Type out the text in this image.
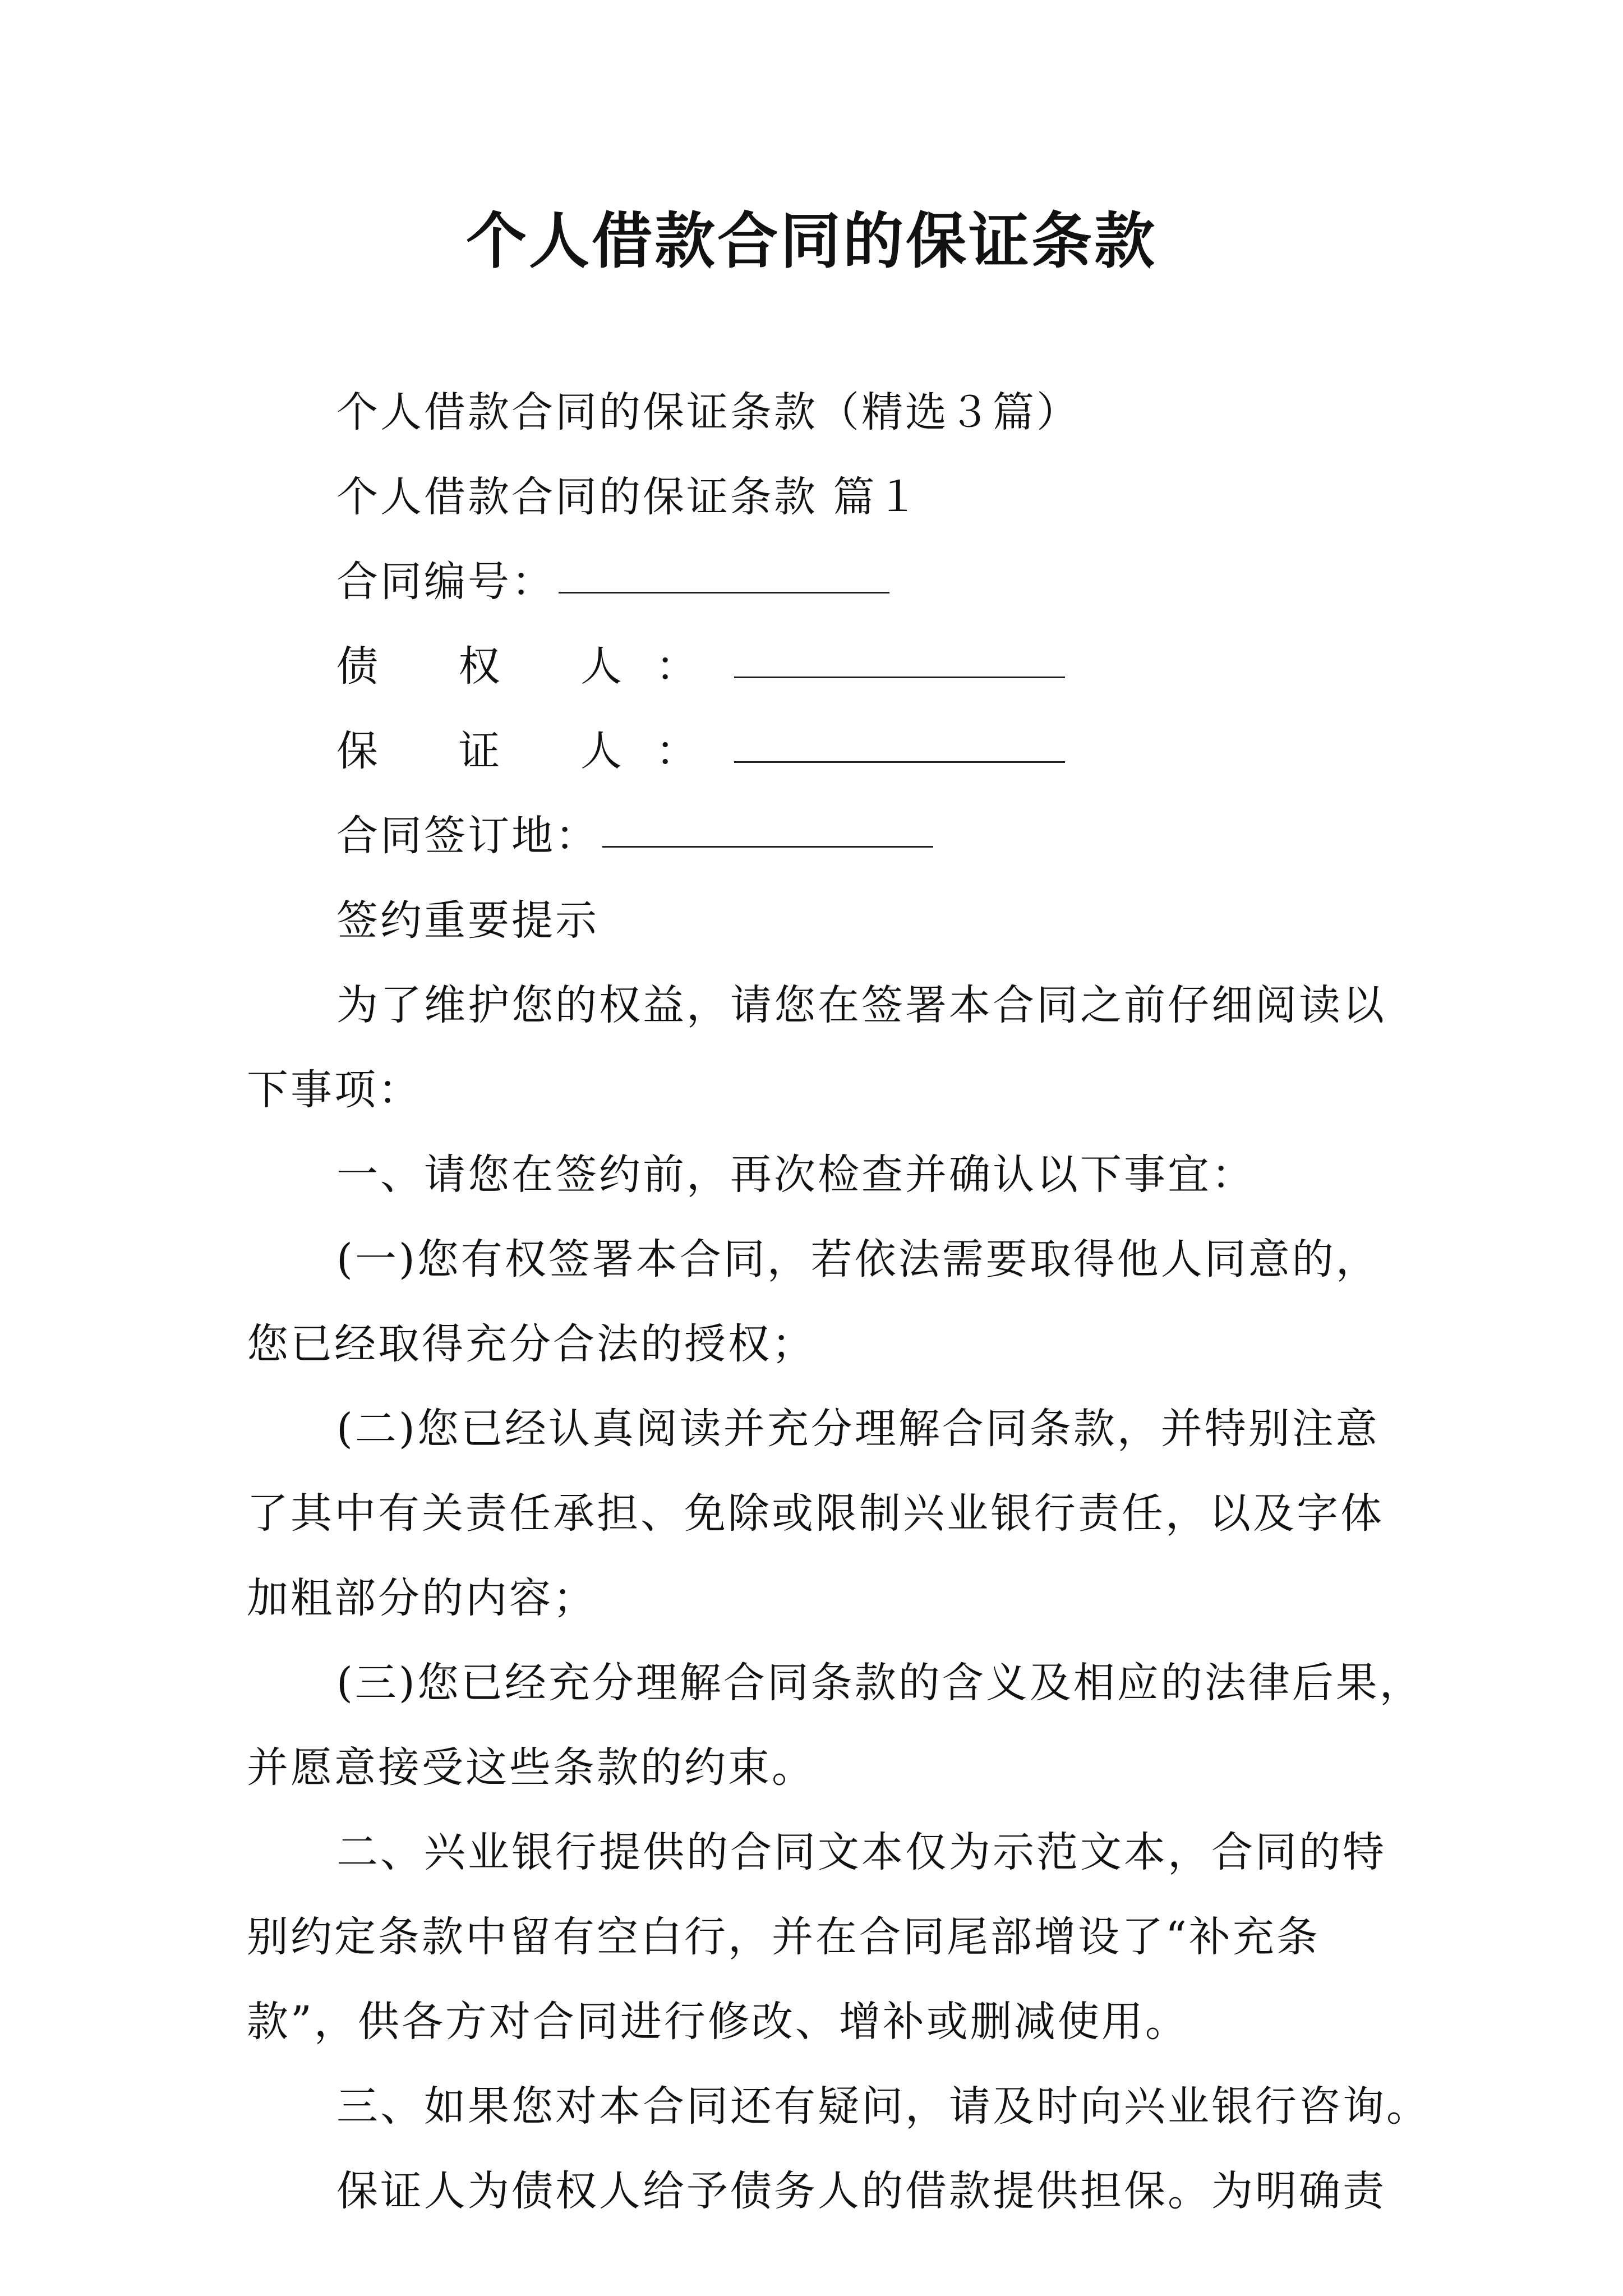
个人借款合同的保证条款
个人借款合同的保证条款（精选３篇）
个人借款合同的保证条款 篇１
合同编号：
债 权 人：
保 证 人：
合同签订地：
签约重要提示
为了维护您的权益，请您在签署本合同之前仔细阅读以
下事项：
一、请您在签约前，再次检查并确认以下事宜：
(一)您有权签署本合同，若依法需要取得他人同意的，
您已经取得充分合法的授权；
(二)您已经认真阅读并充分理解合同条款，并特别注意
了其中有关责任承担、免除或限制兴业银行责任，以及字体
加粗部分的内容；
(三)您已经充分理解合同条款的含义及相应的法律后果，
并愿意接受这些条款的约束。
二、兴业银行提供的合同文本仅为示范文本，合同的特
别约定条款中留有空白行，并在合同尾部增设了“补充条
款”，供各方对合同进行修改、增补或删减使用。
三、如果您对本合同还有疑问，请及时向兴业银行咨询。
保证人为债权人给予债务人的借款提供担保。为明确责
